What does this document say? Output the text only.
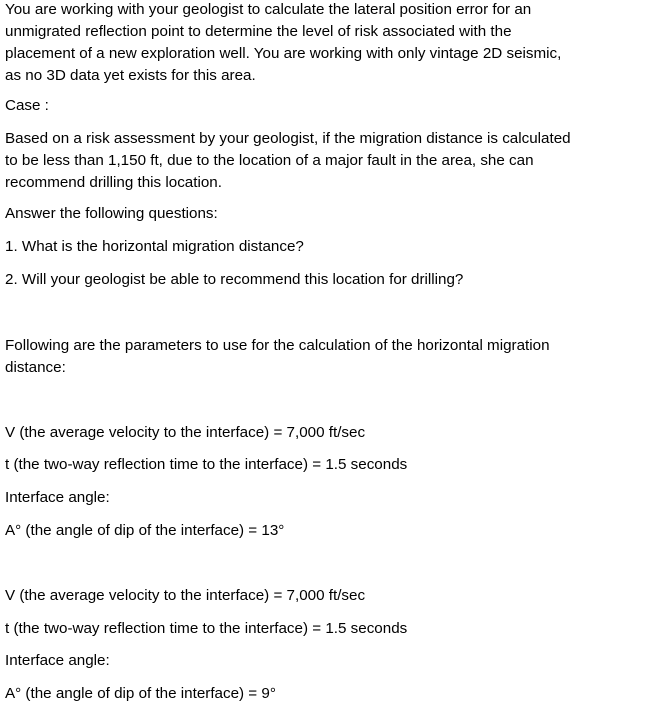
You are working with your geologist to calculate the lateral position error for an
unmigrated reflection point to determine the level of risk associated with the
placement of a new exploration well. You are working with only vintage 2D seismic,
as no 3D data yet exists for this area.
Case :
Based on a risk assessment by your geologist, if the migration distance is calculated
to be less than 1,150 ft, due to the location of a major fault in the area, she can
recommend drilling this location.
Answer the following questions:
1. What is the horizontal migration distance?
2. Will your geologist be able to recommend this location for drilling?
Following are the parameters to use for the calculation of the horizontal migration
distance:
V (the average velocity to the interface) = 7,000 ft/sec
t (the two-way reflection time to the interface) = 1.5 seconds
Interface angle:
A° (the angle of dip of the interface) = 13°
V (the average velocity to the interface) = 7,000 ft/sec
t (the two-way reflection time to the interface) = 1.5 seconds
Interface angle:
A° (the angle of dip of the interface) = 9°
